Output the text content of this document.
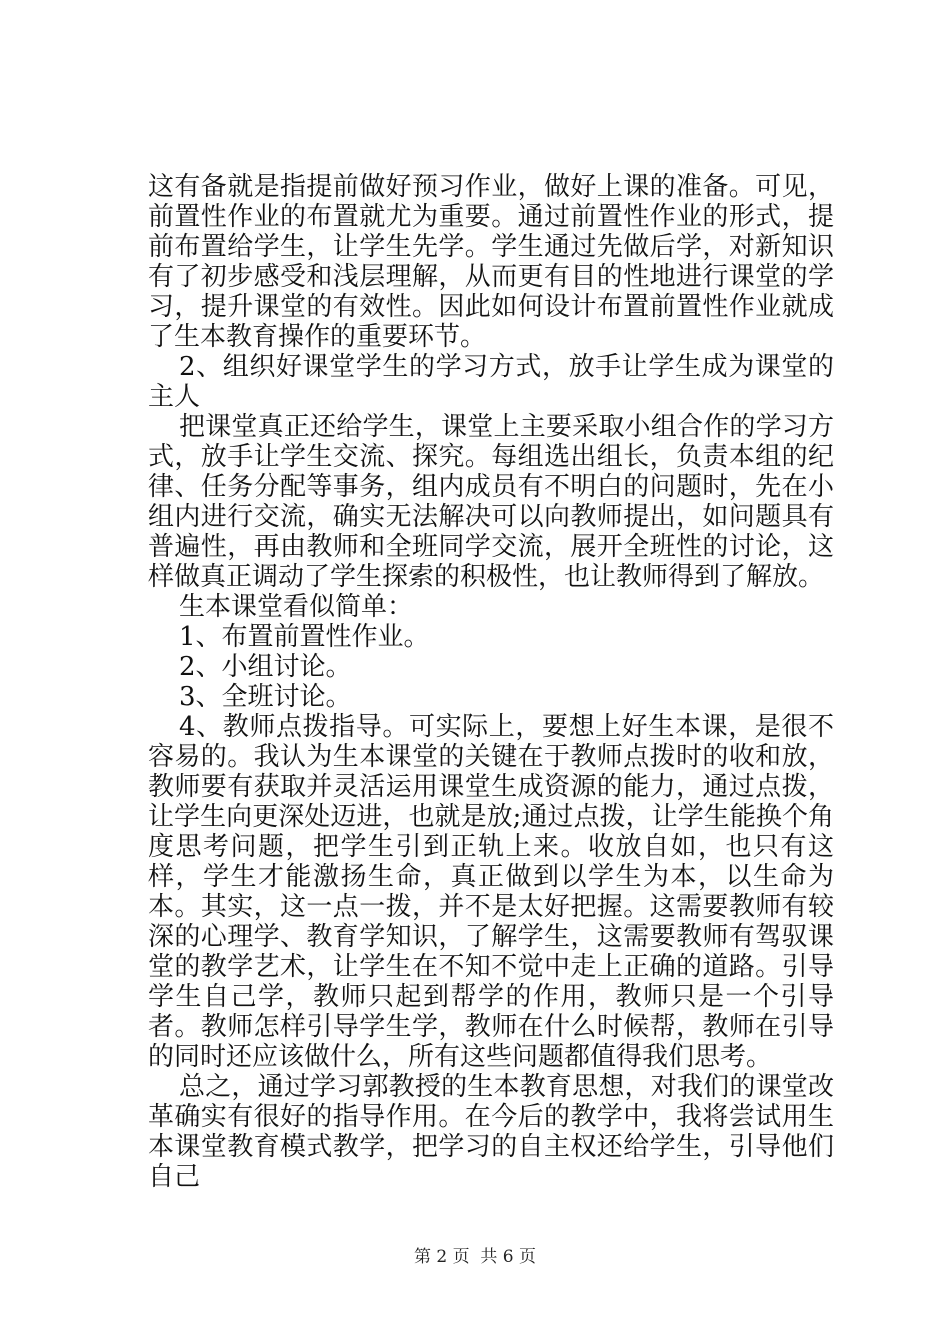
这有备就是指提前做好预习作业，做好上课的准备。可见，前置性作业的布置就尤为重要。通过前置性作业的形式，提前布置给学生，让学生先学。学生通过先做后学，对新知识有了初步感受和浅层理解，从而更有目的性地进行课堂的学习，提升课堂的有效性。因此如何设计布置前置性作业就成了生本教育操作的重要环节。

2、组织好课堂学生的学习方式，放手让学生成为课堂的主人

把课堂真正还给学生，课堂上主要采取小组合作的学习方式，放手让学生交流、探究。每组选出组长，负责本组的纪律、任务分配等事务，组内成员有不明白的问题时，先在小组内进行交流，确实无法解决可以向教师提出，如问题具有普遍性，再由教师和全班同学交流，展开全班性的讨论，这样做真正调动了学生探索的积极性，也让教师得到了解放。

生本课堂看似简单：

1、布置前置性作业。

2、小组讨论。

3、全班讨论。

4、教师点拨指导。可实际上，要想上好生本课，是很不容易的。我认为生本课堂的关键在于教师点拨时的收和放，教师要有获取并灵活运用课堂生成资源的能力，通过点拨，让学生向更深处迈进，也就是放;通过点拨，让学生能换个角度思考问题，把学生引到正轨上来。收放自如，也只有这样，学生才能激扬生命，真正做到以学生为本，以生命为本。其实，这一点一拨，并不是太好把握。这需要教师有较深的心理学、教育学知识，了解学生，这需要教师有驾驭课堂的教学艺术，让学生在不知不觉中走上正确的道路。引导学生自己学，教师只起到帮学的作用，教师只是一个引导者。教师怎样引导学生学，教师在什么时候帮，教师在引导的同时还应该做什么，所有这些问题都值得我们思考。

总之，通过学习郭教授的生本教育思想，对我们的课堂改革确实有很好的指导作用。在今后的教学中，我将尝试用生本课堂教育模式教学，把学习的自主权还给学生，引导他们自己

第 2 页  共 6 页
